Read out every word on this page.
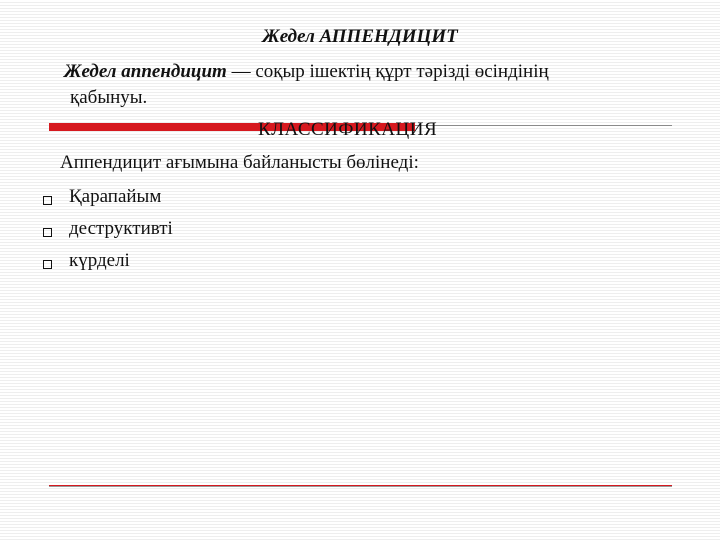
Жедел АППЕНДИЦИТ
Жедел аппендицит — соқыр ішектің құрт тәрізді өсіндінің
қабынуы.
КЛАССИФИКАЦИЯ
Аппендицит ағымына байланысты бөлінеді:
Қарапайым
деструктивті
күрделі
